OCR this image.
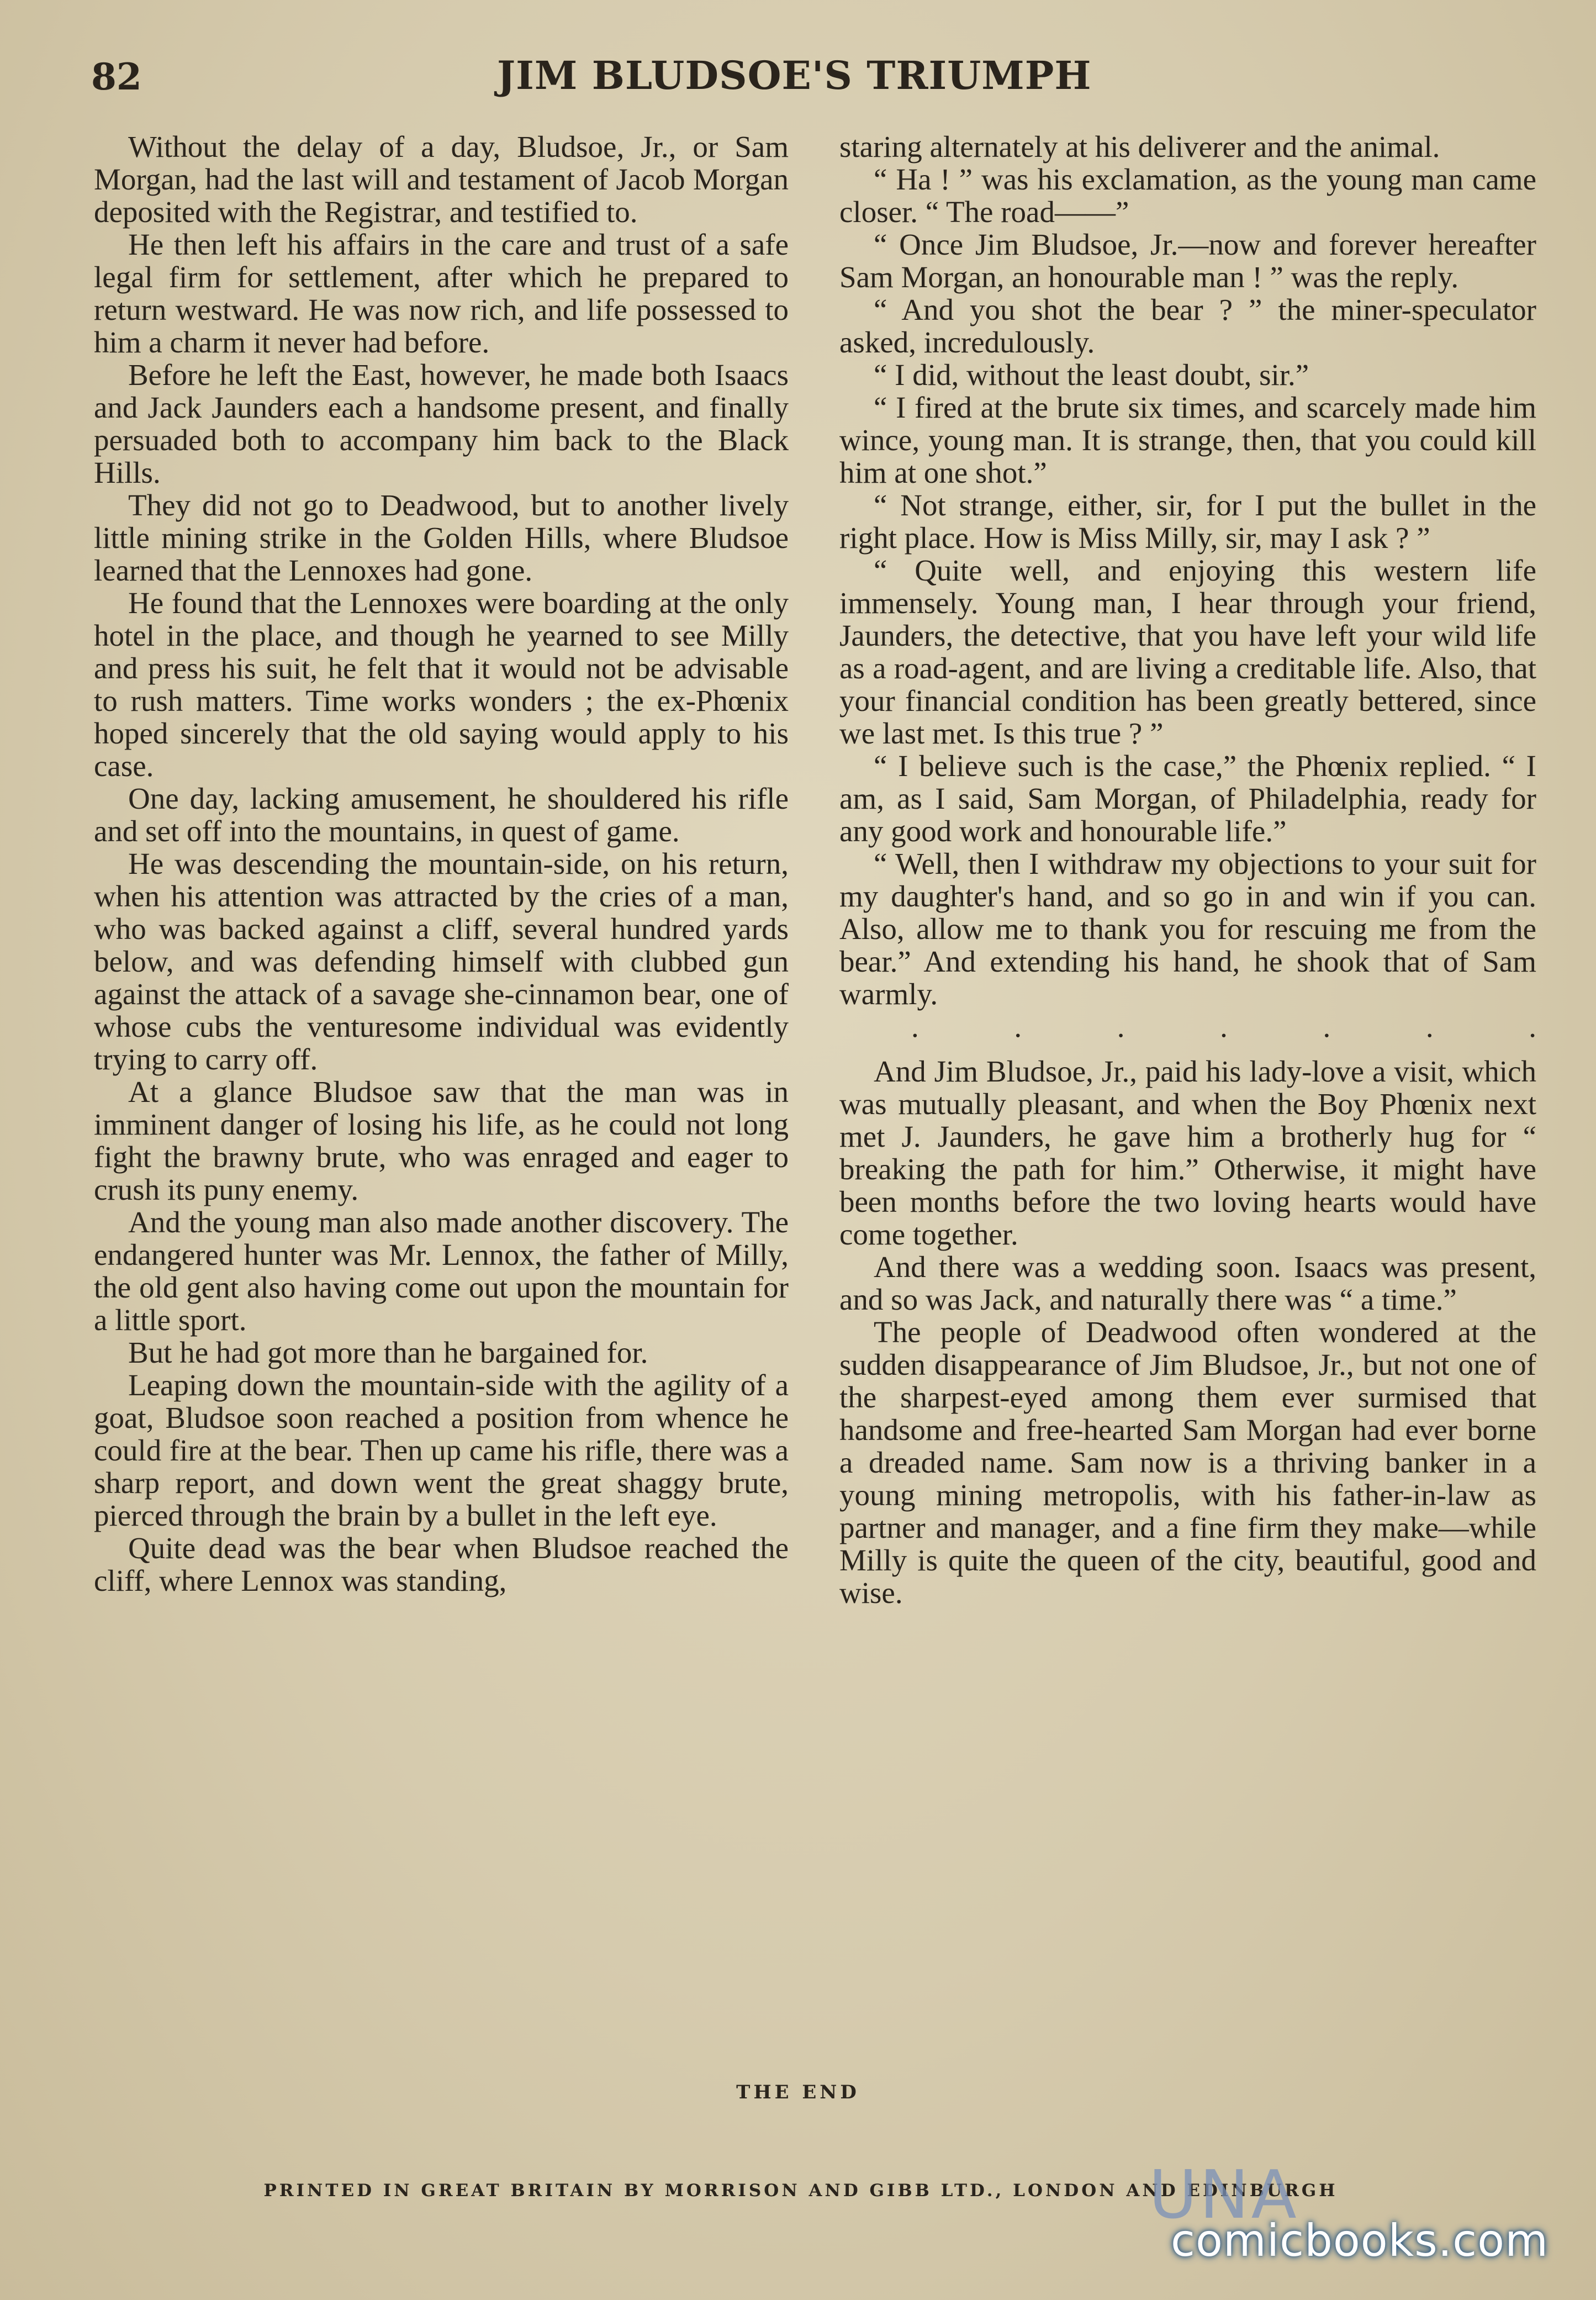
82	JIM BLUDSOE'S TRIUMPH

Without the delay of a day, Bludsoe, Jr., or Sam Morgan, had the last will and testament of Jacob Morgan deposited with the Registrar, and testified to.

He then left his affairs in the care and trust of a safe legal firm for settlement, after which he prepared to return westward. He was now rich, and life possessed to him a charm it never had before.

Before he left the East, however, he made both Isaacs and Jack Jaunders each a handsome present, and finally persuaded both to accompany him back to the Black Hills.

They did not go to Deadwood, but to another lively little mining strike in the Golden Hills, where Bludsoe learned that the Lennoxes had gone.

He found that the Lennoxes were boarding at the only hotel in the place, and though he yearned to see Milly and press his suit, he felt that it would not be advisable to rush matters. Time works wonders ; the ex-Phœnix hoped sincerely that the old saying would apply to his case.

One day, lacking amusement, he shouldered his rifle and set off into the mountains, in quest of game.

He was descending the mountain-side, on his return, when his attention was attracted by the cries of a man, who was backed against a cliff, several hundred yards below, and was defending himself with clubbed gun against the attack of a savage she-cinnamon bear, one of whose cubs the venturesome individual was evidently trying to carry off.

At a glance Bludsoe saw that the man was in imminent danger of losing his life, as he could not long fight the brawny brute, who was enraged and eager to crush its puny enemy.

And the young man also made another discovery. The endangered hunter was Mr. Lennox, the father of Milly, the old gent also having come out upon the mountain for a little sport.

But he had got more than he bargained for.

Leaping down the mountain-side with the agility of a goat, Bludsoe soon reached a position from whence he could fire at the bear. Then up came his rifle, there was a sharp report, and down went the great shaggy brute, pierced through the brain by a bullet in the left eye.

Quite dead was the bear when Bludsoe reached the cliff, where Lennox was standing,

staring alternately at his deliverer and the animal.

“ Ha ! ” was his exclamation, as the young man came closer. “ The road——”

“ Once Jim Bludsoe, Jr.—now and forever hereafter Sam Morgan, an honourable man ! ” was the reply.

“ And you shot the bear ? ” the miner-speculator asked, incredulously.

“ I did, without the least doubt, sir.”

“ I fired at the brute six times, and scarcely made him wince, young man. It is strange, then, that you could kill him at one shot.”

“ Not strange, either, sir, for I put the bullet in the right place. How is Miss Milly, sir, may I ask ? ”

“ Quite well, and enjoying this western life immensely. Young man, I hear through your friend, Jaunders, the detective, that you have left your wild life as a road-agent, and are living a creditable life. Also, that your financial condition has been greatly bettered, since we last met. Is this true ? ”

“ I believe such is the case,” the Phœnix replied. “ I am, as I said, Sam Morgan, of Philadelphia, ready for any good work and honourable life.”

“ Well, then I withdraw my objections to your suit for my daughter's hand, and so go in and win if you can. Also, allow me to thank you for rescuing me from the bear.” And extending his hand, he shook that of Sam warmly.

. . . . . . .

And Jim Bludsoe, Jr., paid his lady-love a visit, which was mutually pleasant, and when the Boy Phœnix next met J. Jaunders, he gave him a brotherly hug for “ breaking the path for him.” Otherwise, it might have been months before the two loving hearts would have come together.

And there was a wedding soon. Isaacs was present, and so was Jack, and naturally there was “ a time.”

The people of Deadwood often wondered at the sudden disappearance of Jim Bludsoe, Jr., but not one of the sharpest-eyed among them ever surmised that handsome and free-hearted Sam Morgan had ever borne a dreaded name. Sam now is a thriving banker in a young mining metropolis, with his father-in-law as partner and manager, and a fine firm they make—while Milly is quite the queen of the city, beautiful, good and wise.

THE END
PRINTED IN GREAT BRITAIN BY MORRISON AND GIBB LTD., LONDON AND EDINBURGH
UNA
comicbooks.com
